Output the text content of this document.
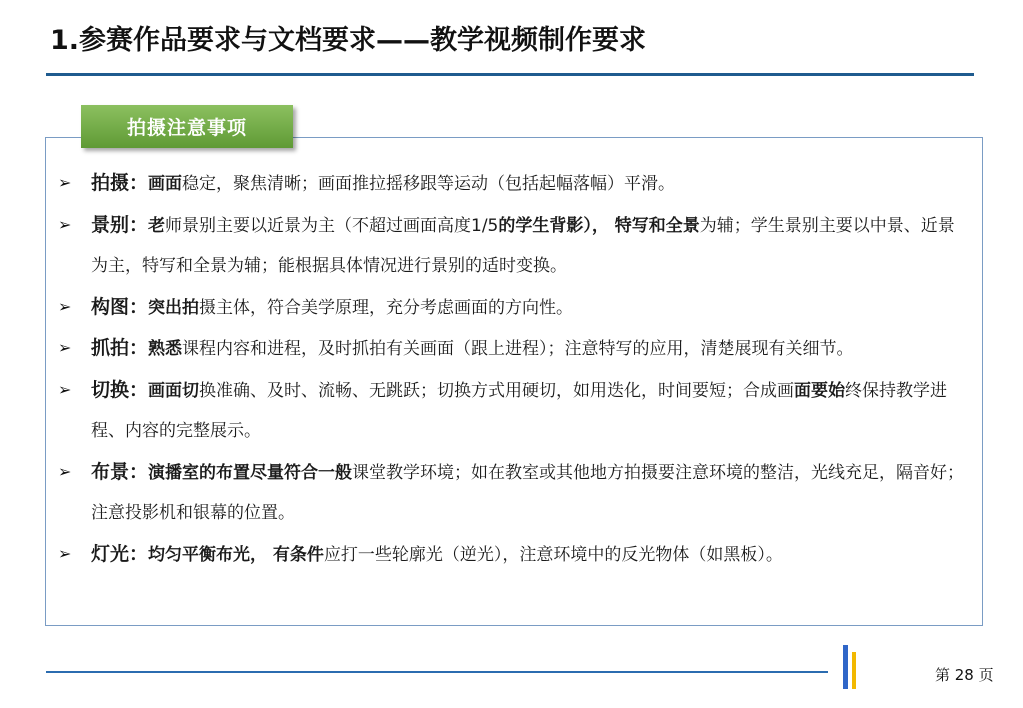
1.参赛作品要求与文档要求——教学视频制作要求
拍摄注意事项
➢ 拍摄：画面稳定，聚焦清晰；画面推拉摇移跟等运动（包括起幅落幅）平滑。
➢ 景别：老师景别主要以近景为主（不超过画面高度1/5的学生背影）， 特写和全景为辅；学生景别主要以中景、近景为主，特写和全景为辅；能根据具体情况进行景别的适时变换。
➢ 构图：突出拍摄主体，符合美学原理，充分考虑画面的方向性。
➢ 抓拍：熟悉课程内容和进程，及时抓拍有关画面（跟上进程）；注意特写的应用，清楚展现有关细节。
➢ 切换：画面切换准确、及时、流畅、无跳跃；切换方式用硬切，如用迭化，时间要短；合成画面要始终保持教学进程、内容的完整展示。
➢ 布景：演播室的布置尽量符合一般课堂教学环境；如在教室或其他地方拍摄要注意环境的整洁，光线充足，隔音好；注意投影机和银幕的位置。
➢ 灯光：均匀平衡布光， 有条件应打一些轮廓光（逆光），注意环境中的反光物体（如黑板）。
第 28 页
